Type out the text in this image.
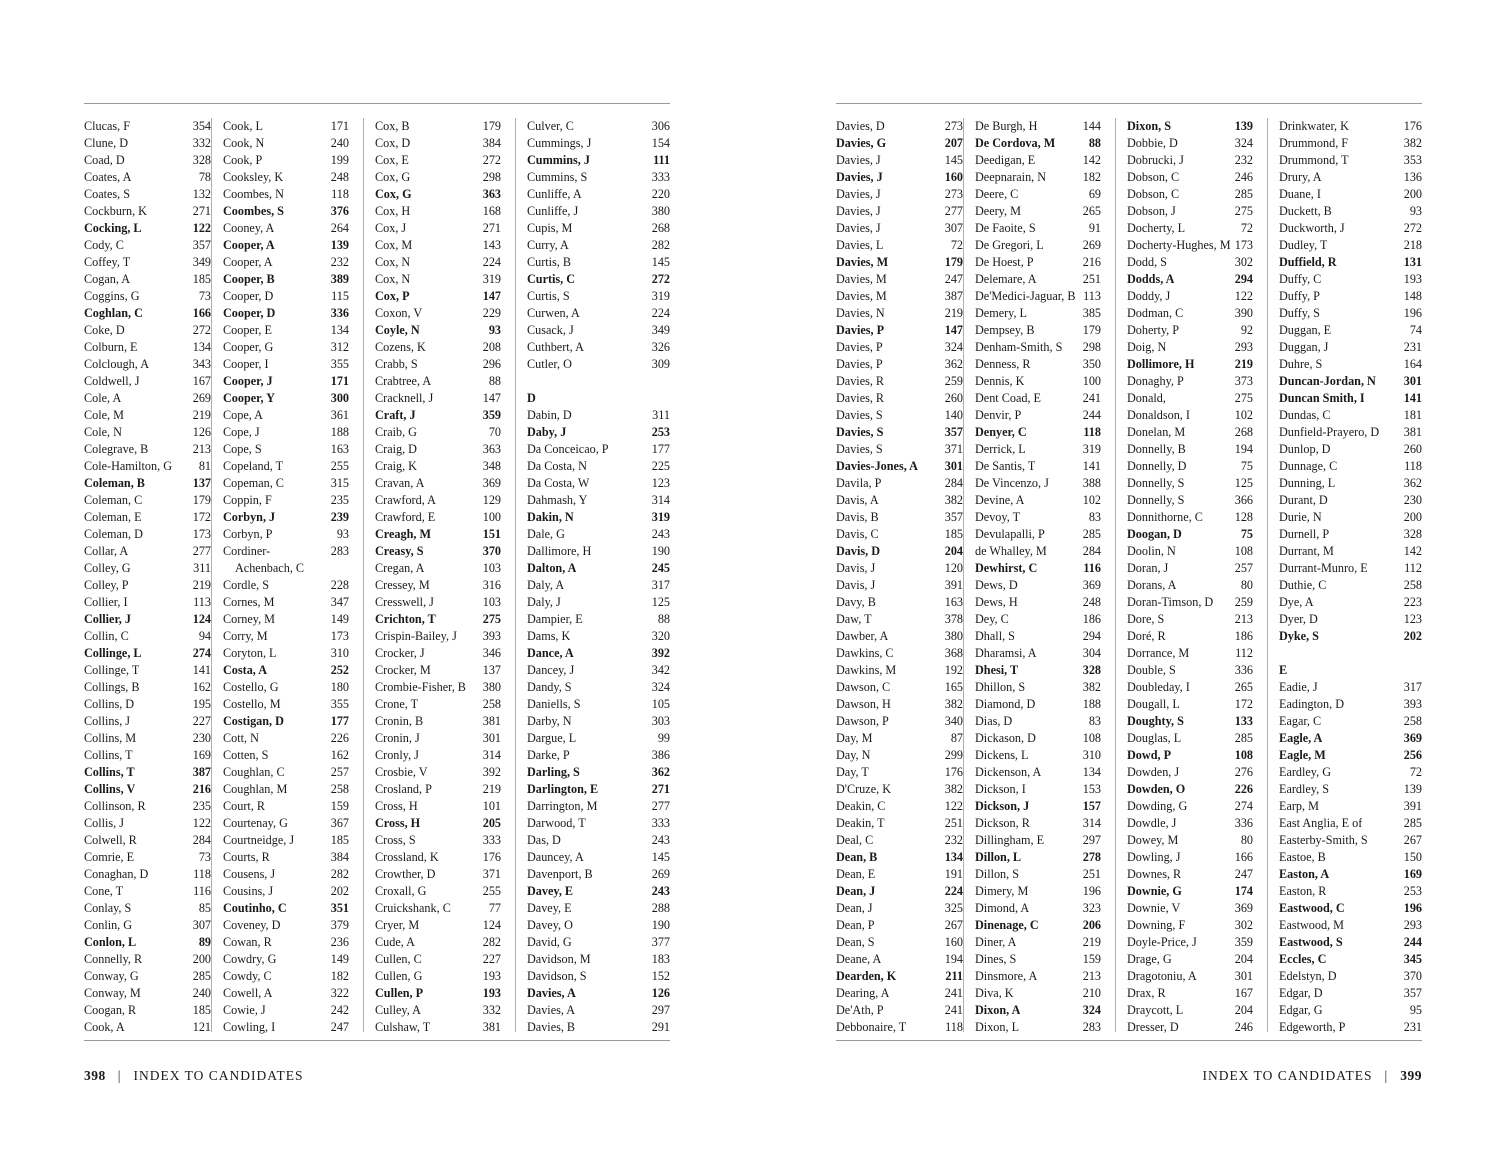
Clucas, F	354
Clune, D	332
Coad, D	328
Coates, A	78
Coates, S	132
Cockburn, K	271
Cocking, L	122
Cody, C	357
Coffey, T	349
Cogan, A	185
Coggins, G	73
Coghlan, C	166
Coke, D	272
Colburn, E	134
Colclough, A	343
Coldwell, J	167
Cole, A	269
Cole, M	219
Cole, N	126
Colegrave, B	213
Cole-Hamilton, G	81
Coleman, B	137
Coleman, C	179
Coleman, E	172
Coleman, D	173
Collar, A	277
Colley, G	311
Colley, P	219
Collier, I	113
Collier, J	124
Collin, C	94
Collinge, L	274
Collinge, T	141
Collings, B	162
Collins, D	195
Collins, J	227
Collins, M	230
Collins, T	169
Collins, T	387
Collins, V	216
Collinson, R	235
Collis, J	122
Colwell, R	284
Comrie, E	73
Conaghan, D	118
Cone, T	116
Conlay, S	85
Conlin, G	307
Conlon, L	89
Connelly, R	200
Conway, G	285
Conway, M	240
Coogan, R	185
Cook, A	121
Cook, L	171
Cook, N	240
Cook, P	199
Cooksley, K	248
Coombes, N	118
Coombes, S	376
Cooney, A	264
Cooper, A	139
Cooper, A	232
Cooper, B	389
Cooper, D	115
Cooper, D	336
Cooper, E	134
Cooper, G	312
Cooper, I	355
Cooper, J	171
Cooper, Y	300
Cope, A	361
Cope, J	188
Cope, S	163
Copeland, T	255
Copeman, C	315
Coppin, F	235
Corbyn, J	239
Corbyn, P	93
Cordiner-	283
Achenbach, C
Cordle, S	228
Cornes, M	347
Corney, M	149
Corry, M	173
Coryton, L	310
Costa, A	252
Costello, G	180
Costello, M	355
Costigan, D	177
Cott, N	226
Cotten, S	162
Coughlan, C	257
Coughlan, M	258
Court, R	159
Courtenay, G	367
Courtneidge, J	185
Courts, R	384
Cousens, J	282
Cousins, J	202
Coutinho, C	351
Coveney, D	379
Cowan, R	236
Cowdry, G	149
Cowdy, C	182
Cowell, A	322
Cowie, J	242
Cowling, I	247
Cox, B	179
Cox, D	384
Cox, E	272
Cox, G	298
Cox, G	363
Cox, H	168
Cox, J	271
Cox, M	143
Cox, N	224
Cox, N	319
Cox, P	147
Coxon, V	229
Coyle, N	93
Cozens, K	208
Crabb, S	296
Crabtree, A	88
Cracknell, J	147
Craft, J	359
Craib, G	70
Craig, D	363
Craig, K	348
Cravan, A	369
Crawford, A	129
Crawford, E	100
Creagh, M	151
Creasy, S	370
Cregan, A	103
Cressey, M	316
Cresswell, J	103
Crichton, T	275
Crispin-Bailey, J	393
Crocker, J	346
Crocker, M	137
Crombie-Fisher, B	380
Crone, T	258
Cronin, B	381
Cronin, J	301
Cronly, J	314
Crosbie, V	392
Crosland, P	219
Cross, H	101
Cross, H	205
Cross, S	333
Crossland, K	176
Crowther, D	371
Croxall, G	255
Cruickshank, C	77
Cryer, M	124
Cude, A	282
Cullen, C	227
Cullen, G	193
Cullen, P	193
Culley, A	332
Culshaw, T	381
Culver, C	306
Cummings, J	154
Cummins, J	111
Cummins, S	333
Cunliffe, A	220
Cunliffe, J	380
Cupis, M	268
Curry, A	282
Curtis, B	145
Curtis, C	272
Curtis, S	319
Curwen, A	224
Cusack, J	349
Cuthbert, A	326
Cutler, O	309
D
Dabin, D	311
Daby, J	253
Da Conceicao, P	177
Da Costa, N	225
Da Costa, W	123
Dahmash, Y	314
Dakin, N	319
Dale, G	243
Dallimore, H	190
Dalton, A	245
Daly, A	317
Daly, J	125
Dampier, E	88
Dams, K	320
Dance, A	392
Dancey, J	342
Dandy, S	324
Daniells, S	105
Darby, N	303
Dargue, L	99
Darke, P	386
Darling, S	362
Darlington, E	271
Darrington, M	277
Darwood, T	333
Das, D	243
Dauncey, A	145
Davenport, B	269
Davey, E	243
Davey, E	288
Davey, O	190
David, G	377
Davidson, M	183
Davidson, S	152
Davies, A	126
Davies, A	297
Davies, B	291
398 | INDEX TO CANDIDATES
Davies, D	273
Davies, G	207
Davies, J	145
Davies, J	160
Davies, J	273
Davies, J	277
Davies, J	307
Davies, L	72
Davies, M	179
Davies, M	247
Davies, M	387
Davies, N	219
Davies, P	147
Davies, P	324
Davies, P	362
Davies, R	259
Davies, R	260
Davies, S	140
Davies, S	357
Davies, S	371
Davies-Jones, A	301
Davila, P	284
Davis, A	382
Davis, B	357
Davis, C	185
Davis, D	204
Davis, J	120
Davis, J	391
Davy, B	163
Daw, T	378
Dawber, A	380
Dawkins, C	368
Dawkins, M	192
Dawson, C	165
Dawson, H	382
Dawson, P	340
Day, M	87
Day, N	299
Day, T	176
D'Cruze, K	382
Deakin, C	122
Deakin, T	251
Deal, C	232
Dean, B	134
Dean, E	191
Dean, J	224
Dean, J	325
Dean, P	267
Dean, S	160
Deane, A	194
Dearden, K	211
Dearing, A	241
De'Ath, P	241
Debbonaire, T	118
De Burgh, H	144
De Cordova, M	88
Deedigan, E	142
Deepnarain, N	182
Deere, C	69
Deery, M	265
De Faoite, S	91
De Gregori, L	269
De Hoest, P	216
Delemare, A	251
De'Medici-Jaguar, B 113
Demery, L	385
Dempsey, B	179
Denham-Smith, S	298
Denness, R	350
Dennis, K	100
Dent Coad, E	241
Denvir, P	244
Denyer, C	118
Derrick, L	319
De Santis, T	141
De Vincenzo, J	388
Devine, A	102
Devoy, T	83
Devulapalli, P	285
de Whalley, M	284
Dewhirst, C	116
Dews, D	369
Dews, H	248
Dey, C	186
Dhall, S	294
Dharamsi, A	304
Dhesi, T	328
Dhillon, S	382
Diamond, D	188
Dias, D	83
Dickason, D	108
Dickens, L	310
Dickenson, A	134
Dickson, I	153
Dickson, J	157
Dickson, R	314
Dillingham, E	297
Dillon, L	278
Dillon, S	251
Dimery, M	196
Dimond, A	323
Dinenage, C	206
Diner, A	219
Dines, S	159
Dinsmore, A	213
Diva, K	210
Dixon, A	324
Dixon, L	283
Dixon, S	139
Dobbie, D	324
Dobrucki, J	232
Dobson, C	246
Dobson, C	285
Dobson, J	275
Docherty, L	72
Docherty-Hughes, M 173
Dodd, S	302
Dodds, A	294
Doddy, J	122
Dodman, C	390
Doherty, P	92
Doig, N	293
Dollimore, H	219
Donaghy, P	373
Donald,	275
Donaldson, I	102
Donelan, M	268
Donnelly, B	194
Donnelly, D	75
Donnelly, S	125
Donnelly, S	366
Donnithorne, C	128
Doogan, D	75
Doolin, N	108
Doran, J	257
Dorans, A	80
Doran-Timson, D	259
Dore, S	213
Doré, R	186
Dorrance, M	112
Double, S	336
Doubleday, I	265
Dougall, L	172
Doughty, S	133
Douglas, L	285
Dowd, P	108
Dowden, J	276
Dowden, O	226
Dowding, G	274
Dowdle, J	336
Dowey, M	80
Dowling, J	166
Downes, R	247
Downie, G	174
Downie, V	369
Downing, F	302
Doyle-Price, J	359
Drage, G	204
Dragotoniu, A	301
Drax, R	167
Draycott, L	204
Dresser, D	246
Drinkwater, K	176
Drummond, F	382
Drummond, T	353
Drury, A	136
Duane, I	200
Duckett, B	93
Duckworth, J	272
Dudley, T	218
Duffield, R	131
Duffy, C	193
Duffy, P	148
Duffy, S	196
Duggan, E	74
Duggan, J	231
Duhre, S	164
Duncan-Jordan, N	301
Duncan Smith, I	141
Dundas, C	181
Dunfield-Prayero, D	381
Dunlop, D	260
Dunnage, C	118
Dunning, L	362
Durant, D	230
Durie, N	200
Durnell, P	328
Durrant, M	142
Durrant-Munro, E	112
Duthie, C	258
Dye, A	223
Dyer, D	123
Dyke, S	202
E
Eadie, J	317
Eadington, D	393
Eagar, C	258
Eagle, A	369
Eagle, M	256
Eardley, G	72
Eardley, S	139
Earp, M	391
East Anglia, E of	285
Easterby-Smith, S	267
Eastoe, B	150
Easton, A	169
Easton, R	253
Eastwood, C	196
Eastwood, M	293
Eastwood, S	244
Eccles, C	345
Edelstyn, D	370
Edgar, D	357
Edgar, G	95
Edgeworth, P	231
INDEX TO CANDIDATES | 399
